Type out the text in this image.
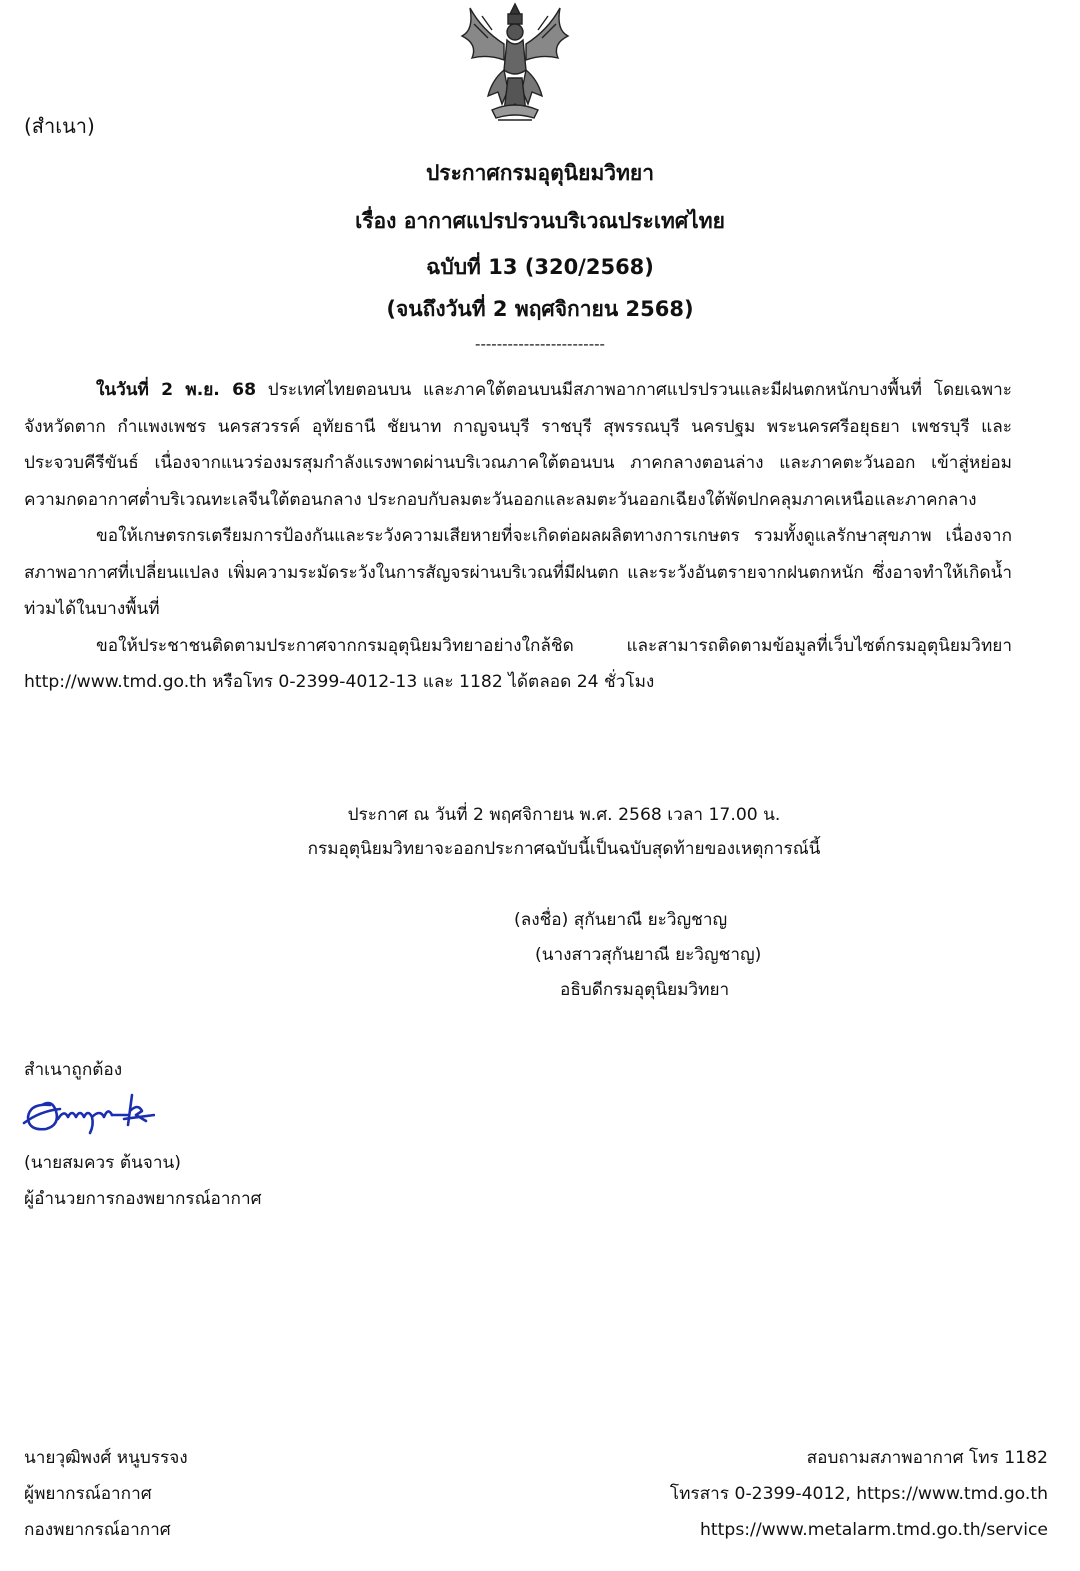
(สำเนา)
ประกาศกรมอุตุนิยมวิทยา
เรื่อง อากาศแปรปรวนบริเวณประเทศไทย
ฉบับที่ 13 (320/2568)
(จนถึงวันที่ 2 พฤศจิกายน 2568)
------------------------

ในวันที่ 2 พ.ย. 68 ประเทศไทยตอนบน และภาคใต้ตอนบนมีสภาพอากาศแปรปรวนและมีฝนตกหนักบางพื้นที่ โดยเฉพาะจังหวัดตาก กำแพงเพชร นครสวรรค์ อุทัยธานี ชัยนาท กาญจนบุรี ราชบุรี สุพรรณบุรี นครปฐม พระนครศรีอยุธยา เพชรบุรี และประจวบคีรีขันธ์ เนื่องจากแนวร่องมรสุมกำลังแรงพาดผ่านบริเวณภาคใต้ตอนบน ภาคกลางตอนล่าง และภาคตะวันออก เข้าสู่หย่อมความกดอากาศต่ำบริเวณทะเลจีนใต้ตอนกลาง ประกอบกับลมตะวันออกและลมตะวันออกเฉียงใต้พัดปกคลุมภาคเหนือและภาคกลาง

ขอให้เกษตรกรเตรียมการป้องกันและระวังความเสียหายที่จะเกิดต่อผลผลิตทางการเกษตร รวมทั้งดูแลรักษาสุขภาพ เนื่องจากสภาพอากาศที่เปลี่ยนแปลง เพิ่มความระมัดระวังในการสัญจรผ่านบริเวณที่มีฝนตก และระวังอันตรายจากฝนตกหนัก ซึ่งอาจทำให้เกิดน้ำท่วมได้ในบางพื้นที่

ขอให้ประชาชนติดตามประกาศจากกรมอุตุนิยมวิทยาอย่างใกล้ชิด และสามารถติดตามข้อมูลที่เว็บไซต์กรมอุตุนิยมวิทยา http://www.tmd.go.th หรือโทร 0-2399-4012-13 และ 1182 ได้ตลอด 24 ชั่วโมง

ประกาศ ณ วันที่ 2 พฤศจิกายน พ.ศ. 2568 เวลา 17.00 น.
กรมอุตุนิยมวิทยาจะออกประกาศฉบับนี้เป็นฉบับสุดท้ายของเหตุการณ์นี้
(ลงชื่อ) สุกันยาณี ยะวิญชาญ
(นางสาวสุกันยาณี ยะวิญชาญ)
อธิบดีกรมอุตุนิยมวิทยา
สำเนาถูกต้อง
(นายสมควร ต้นจาน)
ผู้อำนวยการกองพยากรณ์อากาศ
นายวุฒิพงศ์ หนูบรรจง
ผู้พยากรณ์อากาศ
กองพยากรณ์อากาศ
สอบถามสภาพอากาศ โทร 1182
โทรสาร 0-2399-4012, https://www.tmd.go.th
https://www.metalarm.tmd.go.th/service
